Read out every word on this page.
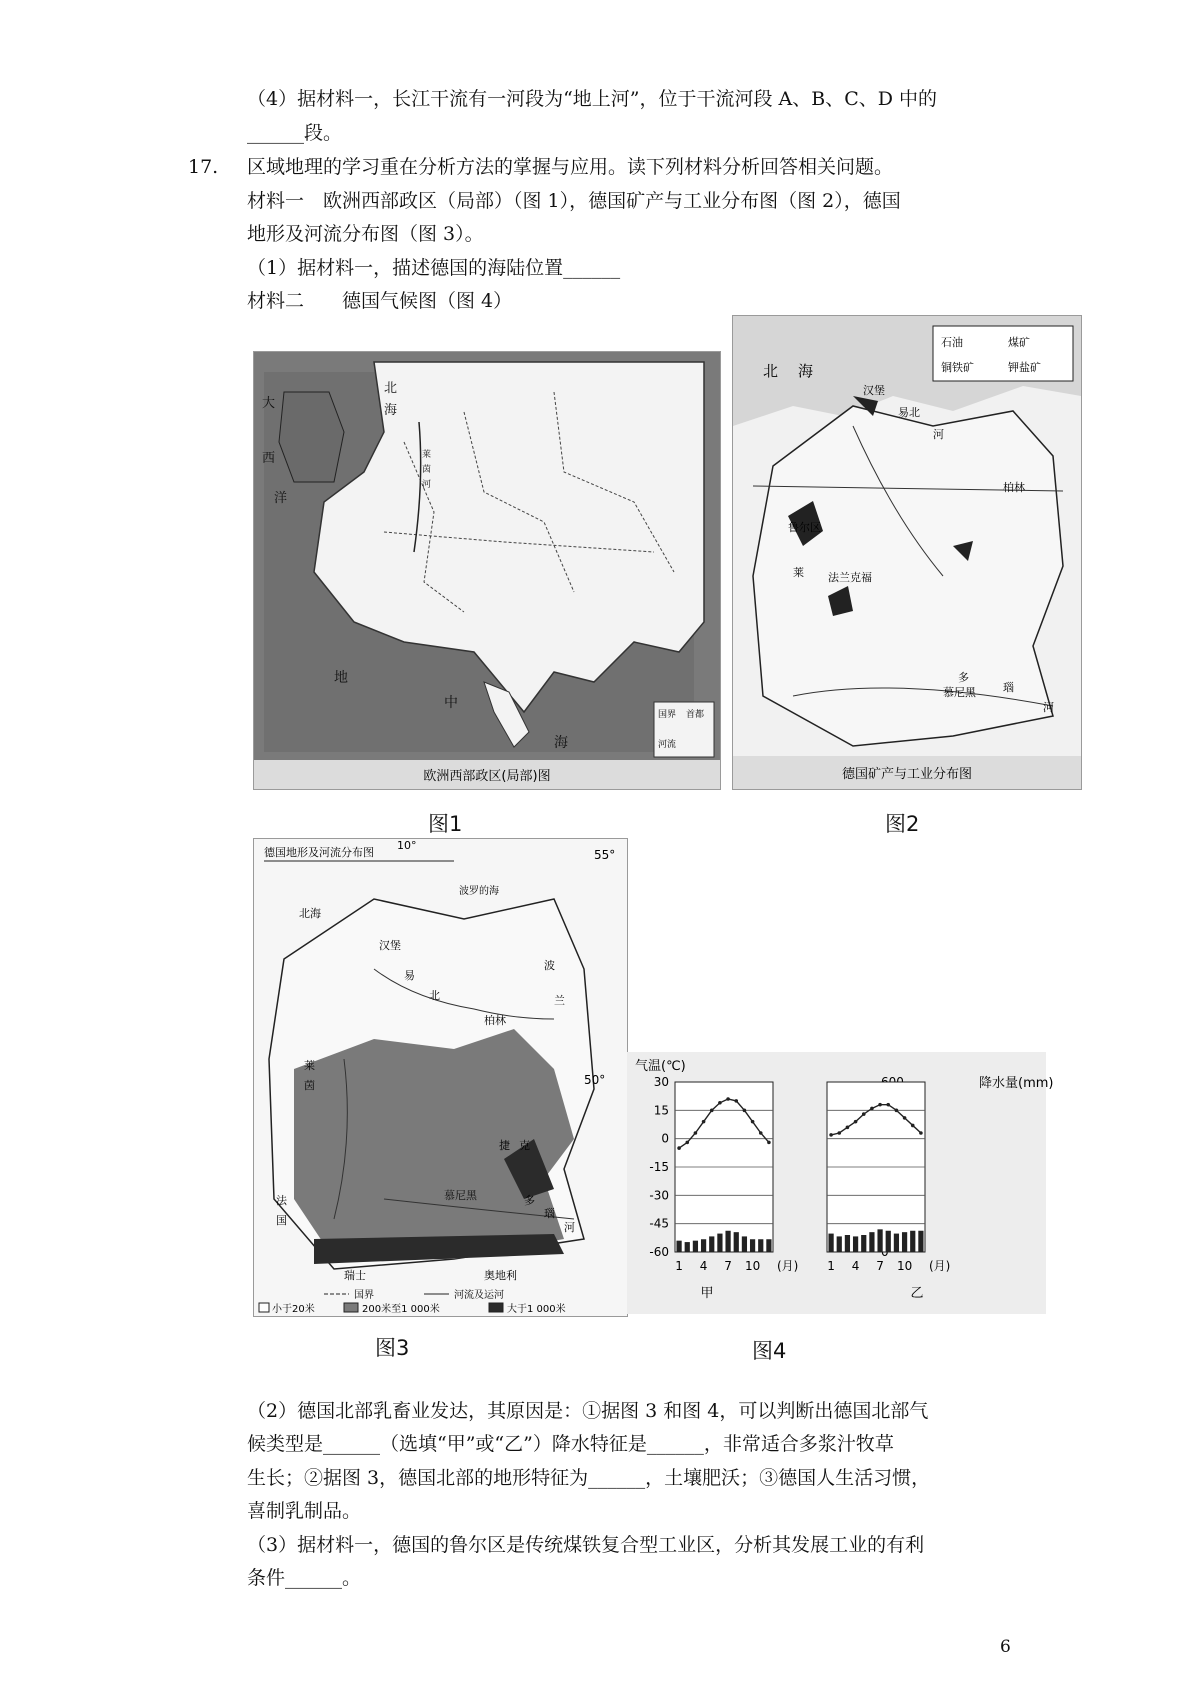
（4）据材料一，长江干流有一河段为“地上河”，位于干流河段 A、B、C、D 中的
______段。
17. 区域地理的学习重在分析方法的掌握与应用。读下列材料分析回答相关问题。
材料一　欧洲西部政区（局部）（图 1），德国矿产与工业分布图（图 2），德国
地形及河流分布图（图 3）。
（1）据材料一，描述德国的海陆位置______
材料二　　德国气候图（图 4）
大
西
洋
北
海
地
中
海
莱
茵
河
国界 首都
河流
欧洲西部政区(局部)图
图1
石油	煤矿
铜铁矿	钾盐矿
北 海
汉堡
易北
河
柏林
鲁尔区
莱 法兰克福
多
慕尼黑 瑙
河
德国矿产与工业分布图
图2
德国地形及河流分布图
10°
55°
50°
北海
汉堡
易
北
柏林
波
兰
捷 克
莱
茵
慕尼黑
法
国
瑞士	奥地利
多
瑙
河
波罗的海
国界	河流及运河
小于20米	200米至1 000米	大于1 000米
图3
气温(℃)
降水量(mm)
30
15
0
-15
-30
-45
-60
1 4 7 10 (月) 1 4 7 10 (月)
甲	乙
图4
（2）德国北部乳畜业发达，其原因是：①据图 3 和图 4，可以判断出德国北部气
候类型是______（选填“甲”或“乙”）降水特征是______，非常适合多浆汁牧草
生长；②据图 3，德国北部的地形特征为______，土壤肥沃；③德国人生活习惯，
喜制乳制品。
（3）据材料一，德国的鲁尔区是传统煤铁复合型工业区，分析其发展工业的有利
条件______。
6
